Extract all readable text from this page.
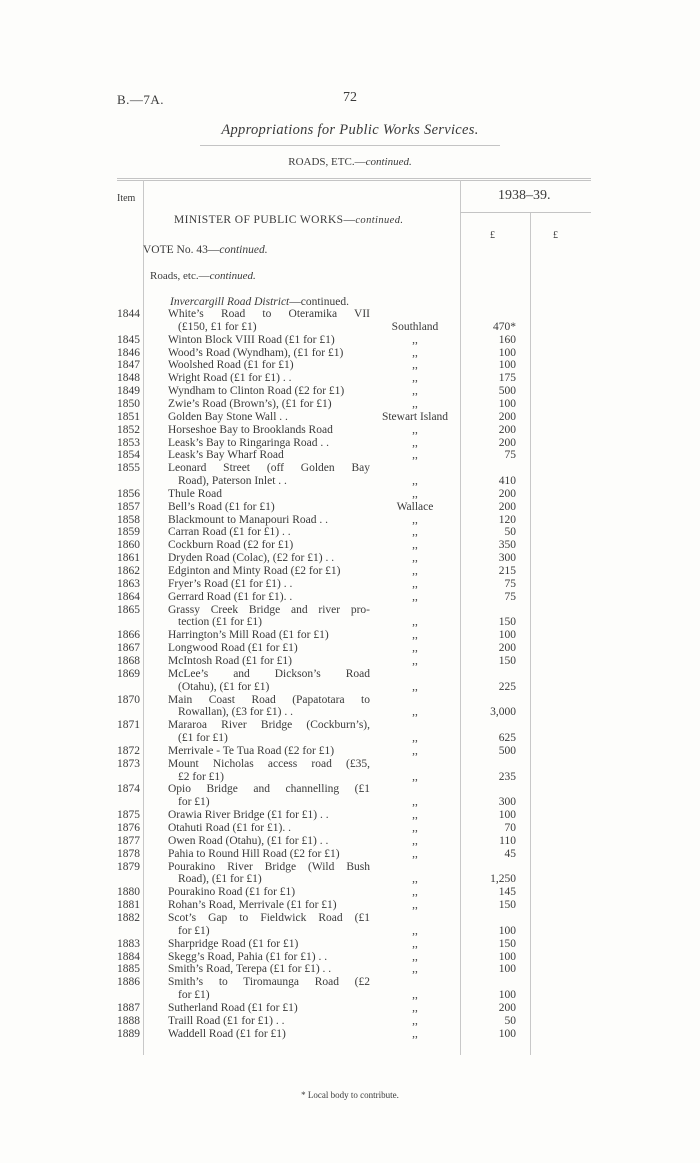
B.—7A.	72
Appropriations for Public Works Services.
ROADS, ETC.—continued.
Item	1938–39.
£	£
MINISTER OF PUBLIC WORKS—continued.
VOTE No. 43—continued.
Roads, etc.—continued.
Invercargill Road District—continued.
1844	White’s Road to Oteramika VII
(£150, £1 for £1)	Southland	470*
1845	Winton Block VIII Road (£1 for £1)	,,	160
1846	Wood’s Road (Wyndham), (£1 for £1)	,,	100
1847	Woolshed Road (£1 for £1)	,,	100
1848	Wright Road (£1 for £1) . .	,,	175
1849	Wyndham to Clinton Road (£2 for £1)	,,	500
1850	Zwie’s Road (Brown’s), (£1 for £1)	,,	100
1851	Golden Bay Stone Wall . .	Stewart Island	200
1852	Horseshoe Bay to Brooklands Road	,,	200
1853	Leask’s Bay to Ringaringa Road . .	,,	200
1854	Leask’s Bay Wharf Road	,,	75
1855	Leonard Street (off Golden Bay
Road), Paterson Inlet . .	,,	410
1856	Thule Road	,,	200
1857	Bell’s Road (£1 for £1)	Wallace	200
1858	Blackmount to Manapouri Road . .	,,	120
1859	Carran Road (£1 for £1) . .	,,	50
1860	Cockburn Road (£2 for £1)	,,	350
1861	Dryden Road (Colac), (£2 for £1) . .	,,	300
1862	Edginton and Minty Road (£2 for £1)	,,	215
1863	Fryer’s Road (£1 for £1) . .	,,	75
1864	Gerrard Road (£1 for £1). .	,,	75
1865	Grassy Creek Bridge and river pro-
tection (£1 for £1)	,,	150
1866	Harrington’s Mill Road (£1 for £1)	,,	100
1867	Longwood Road (£1 for £1)	,,	200
1868	McIntosh Road (£1 for £1)	,,	150
1869	McLee’s and Dickson’s Road
(Otahu), (£1 for £1)	,,	225
1870	Main Coast Road (Papatotara to
Rowallan), (£3 for £1) . .	,,	3,000
1871	Mararoa River Bridge (Cockburn’s),
(£1 for £1)	,,	625
1872	Merrivale - Te Tua Road (£2 for £1)	,,	500
1873	Mount Nicholas access road (£35,
£2 for £1)	,,	235
1874	Opio Bridge and channelling (£1
for £1)	,,	300
1875	Orawia River Bridge (£1 for £1) . .	,,	100
1876	Otahuti Road (£1 for £1). .	,,	70
1877	Owen Road (Otahu), (£1 for £1) . .	,,	110
1878	Pahia to Round Hill Road (£2 for £1)	,,	45
1879	Pourakino River Bridge (Wild Bush
Road), (£1 for £1)	,,	1,250
1880	Pourakino Road (£1 for £1)	,,	145
1881	Rohan’s Road, Merrivale (£1 for £1)	,,	150
1882	Scot’s Gap to Fieldwick Road (£1
for £1)	,,	100
1883	Sharpridge Road (£1 for £1)	,,	150
1884	Skegg’s Road, Pahia (£1 for £1) . .	,,	100
1885	Smith’s Road, Terepa (£1 for £1) . .	,,	100
1886	Smith’s to Tiromaunga Road (£2
for £1)	,,	100
1887	Sutherland Road (£1 for £1)	,,	200
1888	Traill Road (£1 for £1) . .	,,	50
1889	Waddell Road (£1 for £1)	,,	100
* Local body to contribute.
